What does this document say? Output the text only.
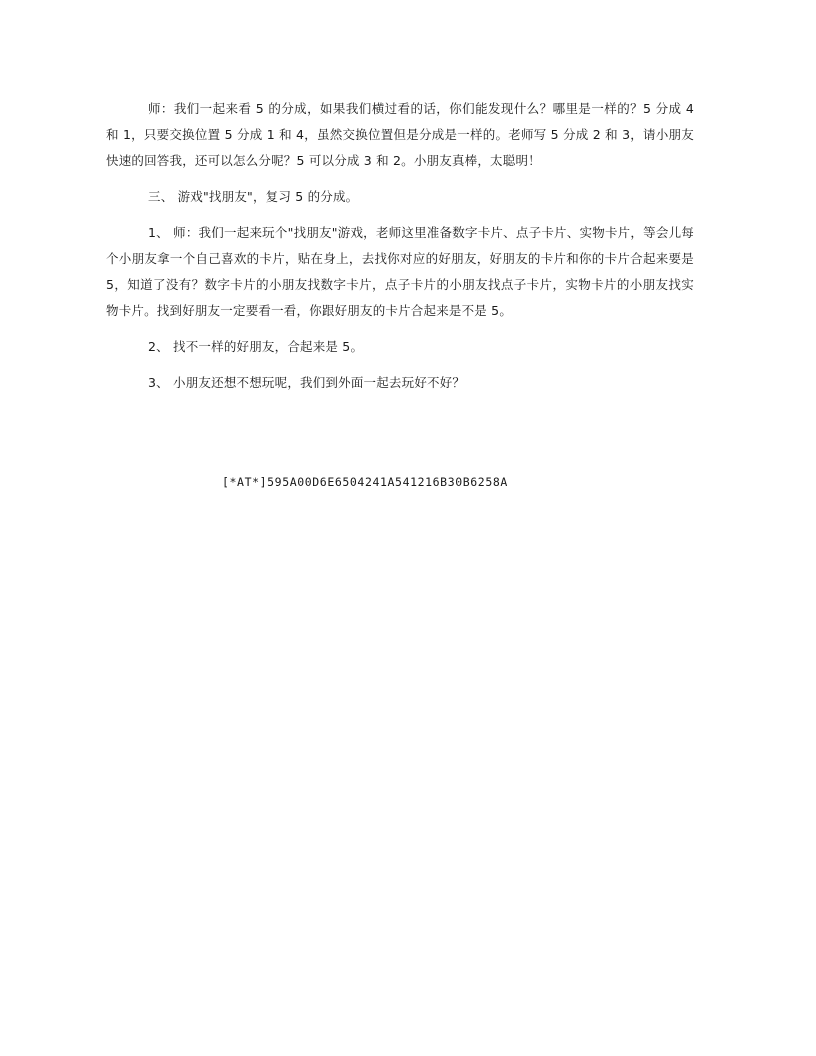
师：我们一起来看 5 的分成，如果我们横过看的话，你们能发现什么？哪里是一样的？5 分成 4 和 1，只要交换位置 5 分成 1 和 4，虽然交换位置但是分成是一样的。老师写 5 分成 2 和 3，请小朋友快速的回答我，还可以怎么分呢？5 可以分成 3 和 2。小朋友真棒，太聪明！

三、 游戏"找朋友"，复习 5 的分成。

1、 师：我们一起来玩个"找朋友"游戏，老师这里准备数字卡片、点子卡片、实物卡片，等会儿每个小朋友拿一个自己喜欢的卡片，贴在身上，去找你对应的好朋友，好朋友的卡片和你的卡片合起来要是 5，知道了没有？数字卡片的小朋友找数字卡片，点子卡片的小朋友找点子卡片，实物卡片的小朋友找实物卡片。找到好朋友一定要看一看，你跟好朋友的卡片合起来是不是 5。

2、 找不一样的好朋友，合起来是 5。

3、 小朋友还想不想玩呢，我们到外面一起去玩好不好？

[*AT*]595A00D6E6504241A541216B30B6258A
